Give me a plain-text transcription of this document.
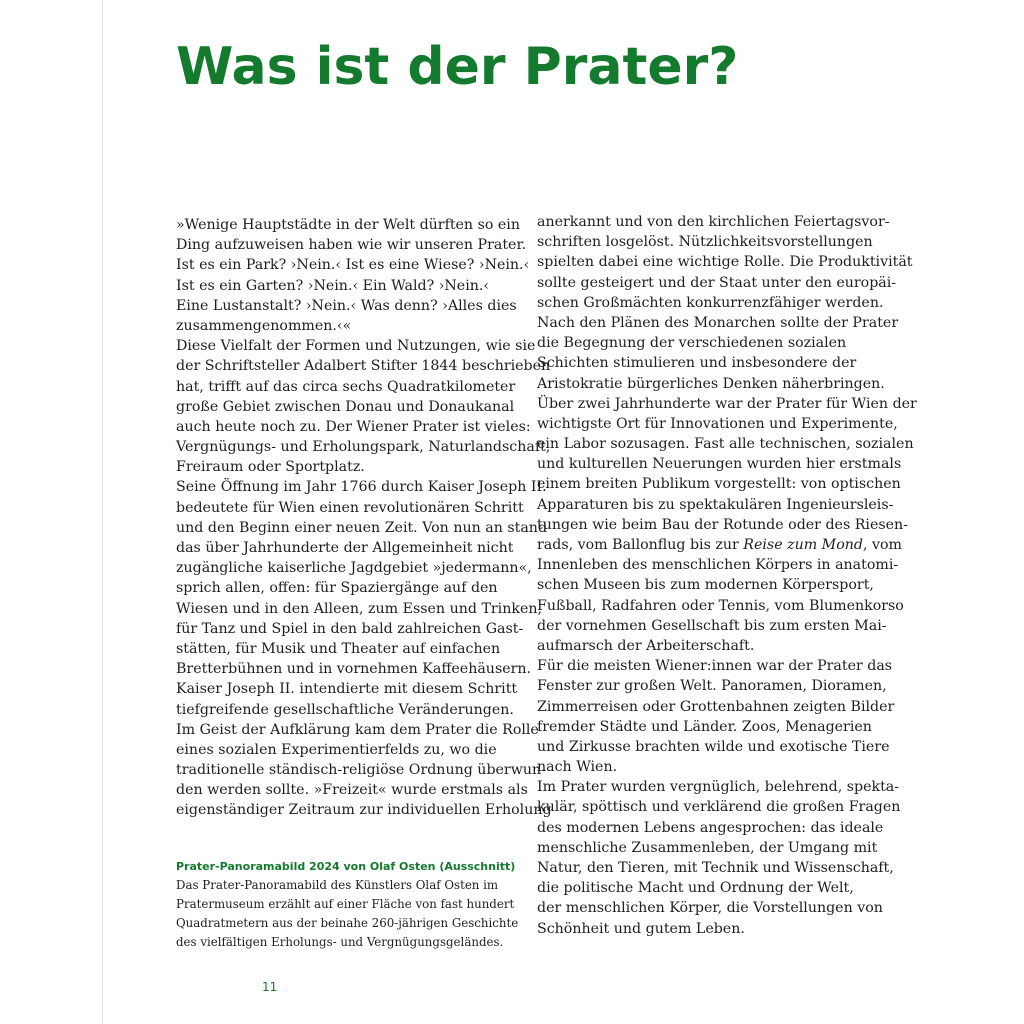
Was ist der Prater?
»Wenige Hauptstädte in der Welt dürften so ein
Ding aufzuweisen haben wie wir unseren Prater.
Ist es ein Park? ›Nein.‹ Ist es eine Wiese? ›Nein.‹
Ist es ein Garten? ›Nein.‹ Ein Wald? ›Nein.‹
Eine Lustanstalt? ›Nein.‹ Was denn? ›Alles dies
zusammengenommen.‹«
Diese Vielfalt der Formen und Nutzungen, wie sie
der Schriftsteller Adalbert Stifter 1844 beschrieben
hat, trifft auf das circa sechs Quadratkilometer
große Gebiet zwischen Donau und Donaukanal
auch heute noch zu. Der Wiener Prater ist vieles:
Vergnügungs- und Erholungspark, Naturlandschaft,
Freiraum oder Sportplatz.
Seine Öffnung im Jahr 1766 durch Kaiser Joseph II.
bedeutete für Wien einen revolutionären Schritt
und den Beginn einer neuen Zeit. Von nun an stand
das über Jahrhunderte der Allgemeinheit nicht
zugängliche kaiserliche Jagdgebiet »jedermann«,
sprich allen, offen: für Spaziergänge auf den
Wiesen und in den Alleen, zum Essen und Trinken,
für Tanz und Spiel in den bald zahlreichen Gast-
stätten, für Musik und Theater auf einfachen
Bretterbühnen und in vornehmen Kaffeehäusern.
Kaiser Joseph II. intendierte mit diesem Schritt
tiefgreifende gesellschaftliche Veränderungen.
Im Geist der Aufklärung kam dem Prater die Rolle
eines sozialen Experimentierfelds zu, wo die
traditionelle ständisch-religiöse Ordnung überwun-
den werden sollte. »Freizeit« wurde erstmals als
eigenständiger Zeitraum zur individuellen Erholung
anerkannt und von den kirchlichen Feiertagsvor-
schriften losgelöst. Nützlichkeitsvorstellungen
spielten dabei eine wichtige Rolle. Die Produktivität
sollte gesteigert und der Staat unter den europäi-
schen Großmächten konkurrenzfähiger werden.
Nach den Plänen des Monarchen sollte der Prater
die Begegnung der verschiedenen sozialen
Schichten stimulieren und insbesondere der
Aristokratie bürgerliches Denken näherbringen.
Über zwei Jahrhunderte war der Prater für Wien der
wichtigste Ort für Innovationen und Experimente,
ein Labor sozusagen. Fast alle technischen, sozialen
und kulturellen Neuerungen wurden hier erstmals
einem breiten Publikum vorgestellt: von optischen
Apparaturen bis zu spektakulären Ingenieursleis-
tungen wie beim Bau der Rotunde oder des Riesen-
rads, vom Ballonflug bis zur Reise zum Mond, vom
Innenleben des menschlichen Körpers in anatomi-
schen Museen bis zum modernen Körpersport,
Fußball, Radfahren oder Tennis, vom Blumenkorso
der vornehmen Gesellschaft bis zum ersten Mai-
aufmarsch der Arbeiterschaft.
Für die meisten Wiener:innen war der Prater das
Fenster zur großen Welt. Panoramen, Dioramen,
Zimmerreisen oder Grottenbahnen zeigten Bilder
fremder Städte und Länder. Zoos, Menagerien
und Zirkusse brachten wilde und exotische Tiere
nach Wien.
Im Prater wurden vergnüglich, belehrend, spekta-
kulär, spöttisch und verklärend die großen Fragen
des modernen Lebens angesprochen: das ideale
menschliche Zusammenleben, der Umgang mit
Natur, den Tieren, mit Technik und Wissenschaft,
die politische Macht und Ordnung der Welt,
der menschlichen Körper, die Vorstellungen von
Schönheit und gutem Leben.
Prater-Panoramabild 2024 von Olaf Osten (Ausschnitt)
Das Prater-Panoramabild des Künstlers Olaf Osten im
Pratermuseum erzählt auf einer Fläche von fast hundert
Quadratmetern aus der beinahe 260-jährigen Geschichte
des vielfältigen Erholungs- und Vergnügungsgeländes.
11
